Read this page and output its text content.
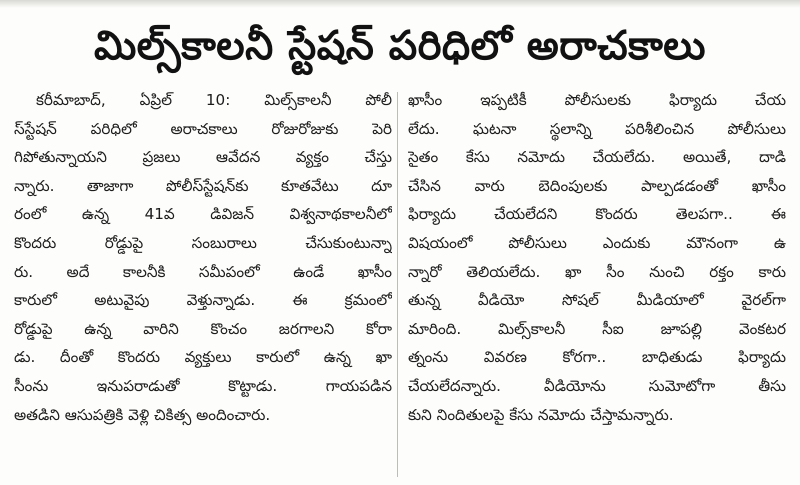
మిల్స్‌కాలనీ స్టేషన్ పరిధిలో అరాచకాలు
కరీమాబాద్, ఏప్రిల్ 10: మిల్స్‌కాలనీ పోలీ
స్‌స్టేషన్ పరిధిలో అరాచకాలు రోజురోజుకు పెరి
గిపోతున్నాయని ప్రజలు ఆవేదన వ్యక్తం చేస్తు
న్నారు. తాజాగా పోలీస్‌స్టేషన్‌కు కూతవేటు దూ
రంలో ఉన్న 41వ డివిజన్ విశ్వనాథకాలనీలో
కొందరు రోడ్డుపై సంబురాలు చేసుకుంటున్నా
రు. అదే కాలనీకి సమీపంలో ఉండే ఖాసీం
కారులో అటువైపు వెళ్తున్నాడు. ఈ క్రమంలో
రోడ్డుపై ఉన్న వారిని కొంచం జరగాలని కోరా
డు. దీంతో కొందరు వ్యక్తులు కారులో ఉన్న ఖా
సీంను ఇనుపరాడుతో కొట్టాడు. గాయపడిన
అతడిని ఆసుపత్రికి వెళ్లి చికిత్స అందించారు.
ఖాసీం ఇప్పటికీ పోలీసులకు ఫిర్యాదు చేయ
లేదు. ఘటనా స్థలాన్ని పరిశీలించిన పోలీసులు
సైతం కేసు నమోదు చేయలేదు. అయితే, దాడి
చేసిన వారు బెదింపులకు పాల్పడడంతో ఖాసీం
ఫిర్యాదు చేయలేదని కొందరు తెలపగా.. ఈ
విషయంలో పోలీసులు ఎందుకు మౌనంగా ఉ
న్నారో తెలియలేదు. ఖా సీం నుంచి రక్తం కారు
తున్న వీడియో సోషల్ మీడియాలో వైరల్‌గా
మారింది. మిల్స్‌కాలనీ సీఐ జూపల్లి వెంకటర
త్నంను వివరణ కోరగా.. బాధితుడు ఫిర్యాదు
చేయలేదన్నారు. వీడియోను సుమోటోగా తీసు
కుని నిందితులపై కేసు నమోదు చేస్తామన్నారు.
